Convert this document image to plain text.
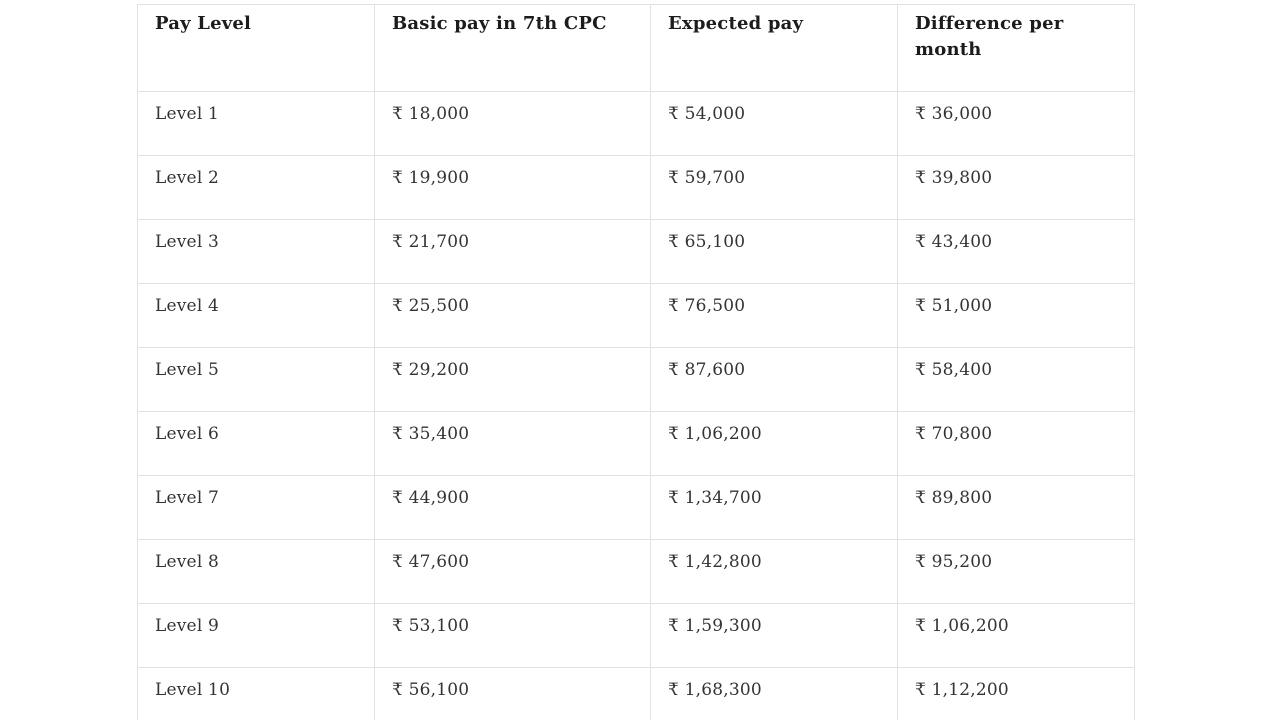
Pay Level	Basic pay in 7th CPC	Expected pay	Difference per month
Level 1	₹ 18,000	₹ 54,000	₹ 36,000
Level 2	₹ 19,900	₹ 59,700	₹ 39,800
Level 3	₹ 21,700	₹ 65,100	₹ 43,400
Level 4	₹ 25,500	₹ 76,500	₹ 51,000
Level 5	₹ 29,200	₹ 87,600	₹ 58,400
Level 6	₹ 35,400	₹ 1,06,200	₹ 70,800
Level 7	₹ 44,900	₹ 1,34,700	₹ 89,800
Level 8	₹ 47,600	₹ 1,42,800	₹ 95,200
Level 9	₹ 53,100	₹ 1,59,300	₹ 1,06,200
Level 10	₹ 56,100	₹ 1,68,300	₹ 1,12,200
